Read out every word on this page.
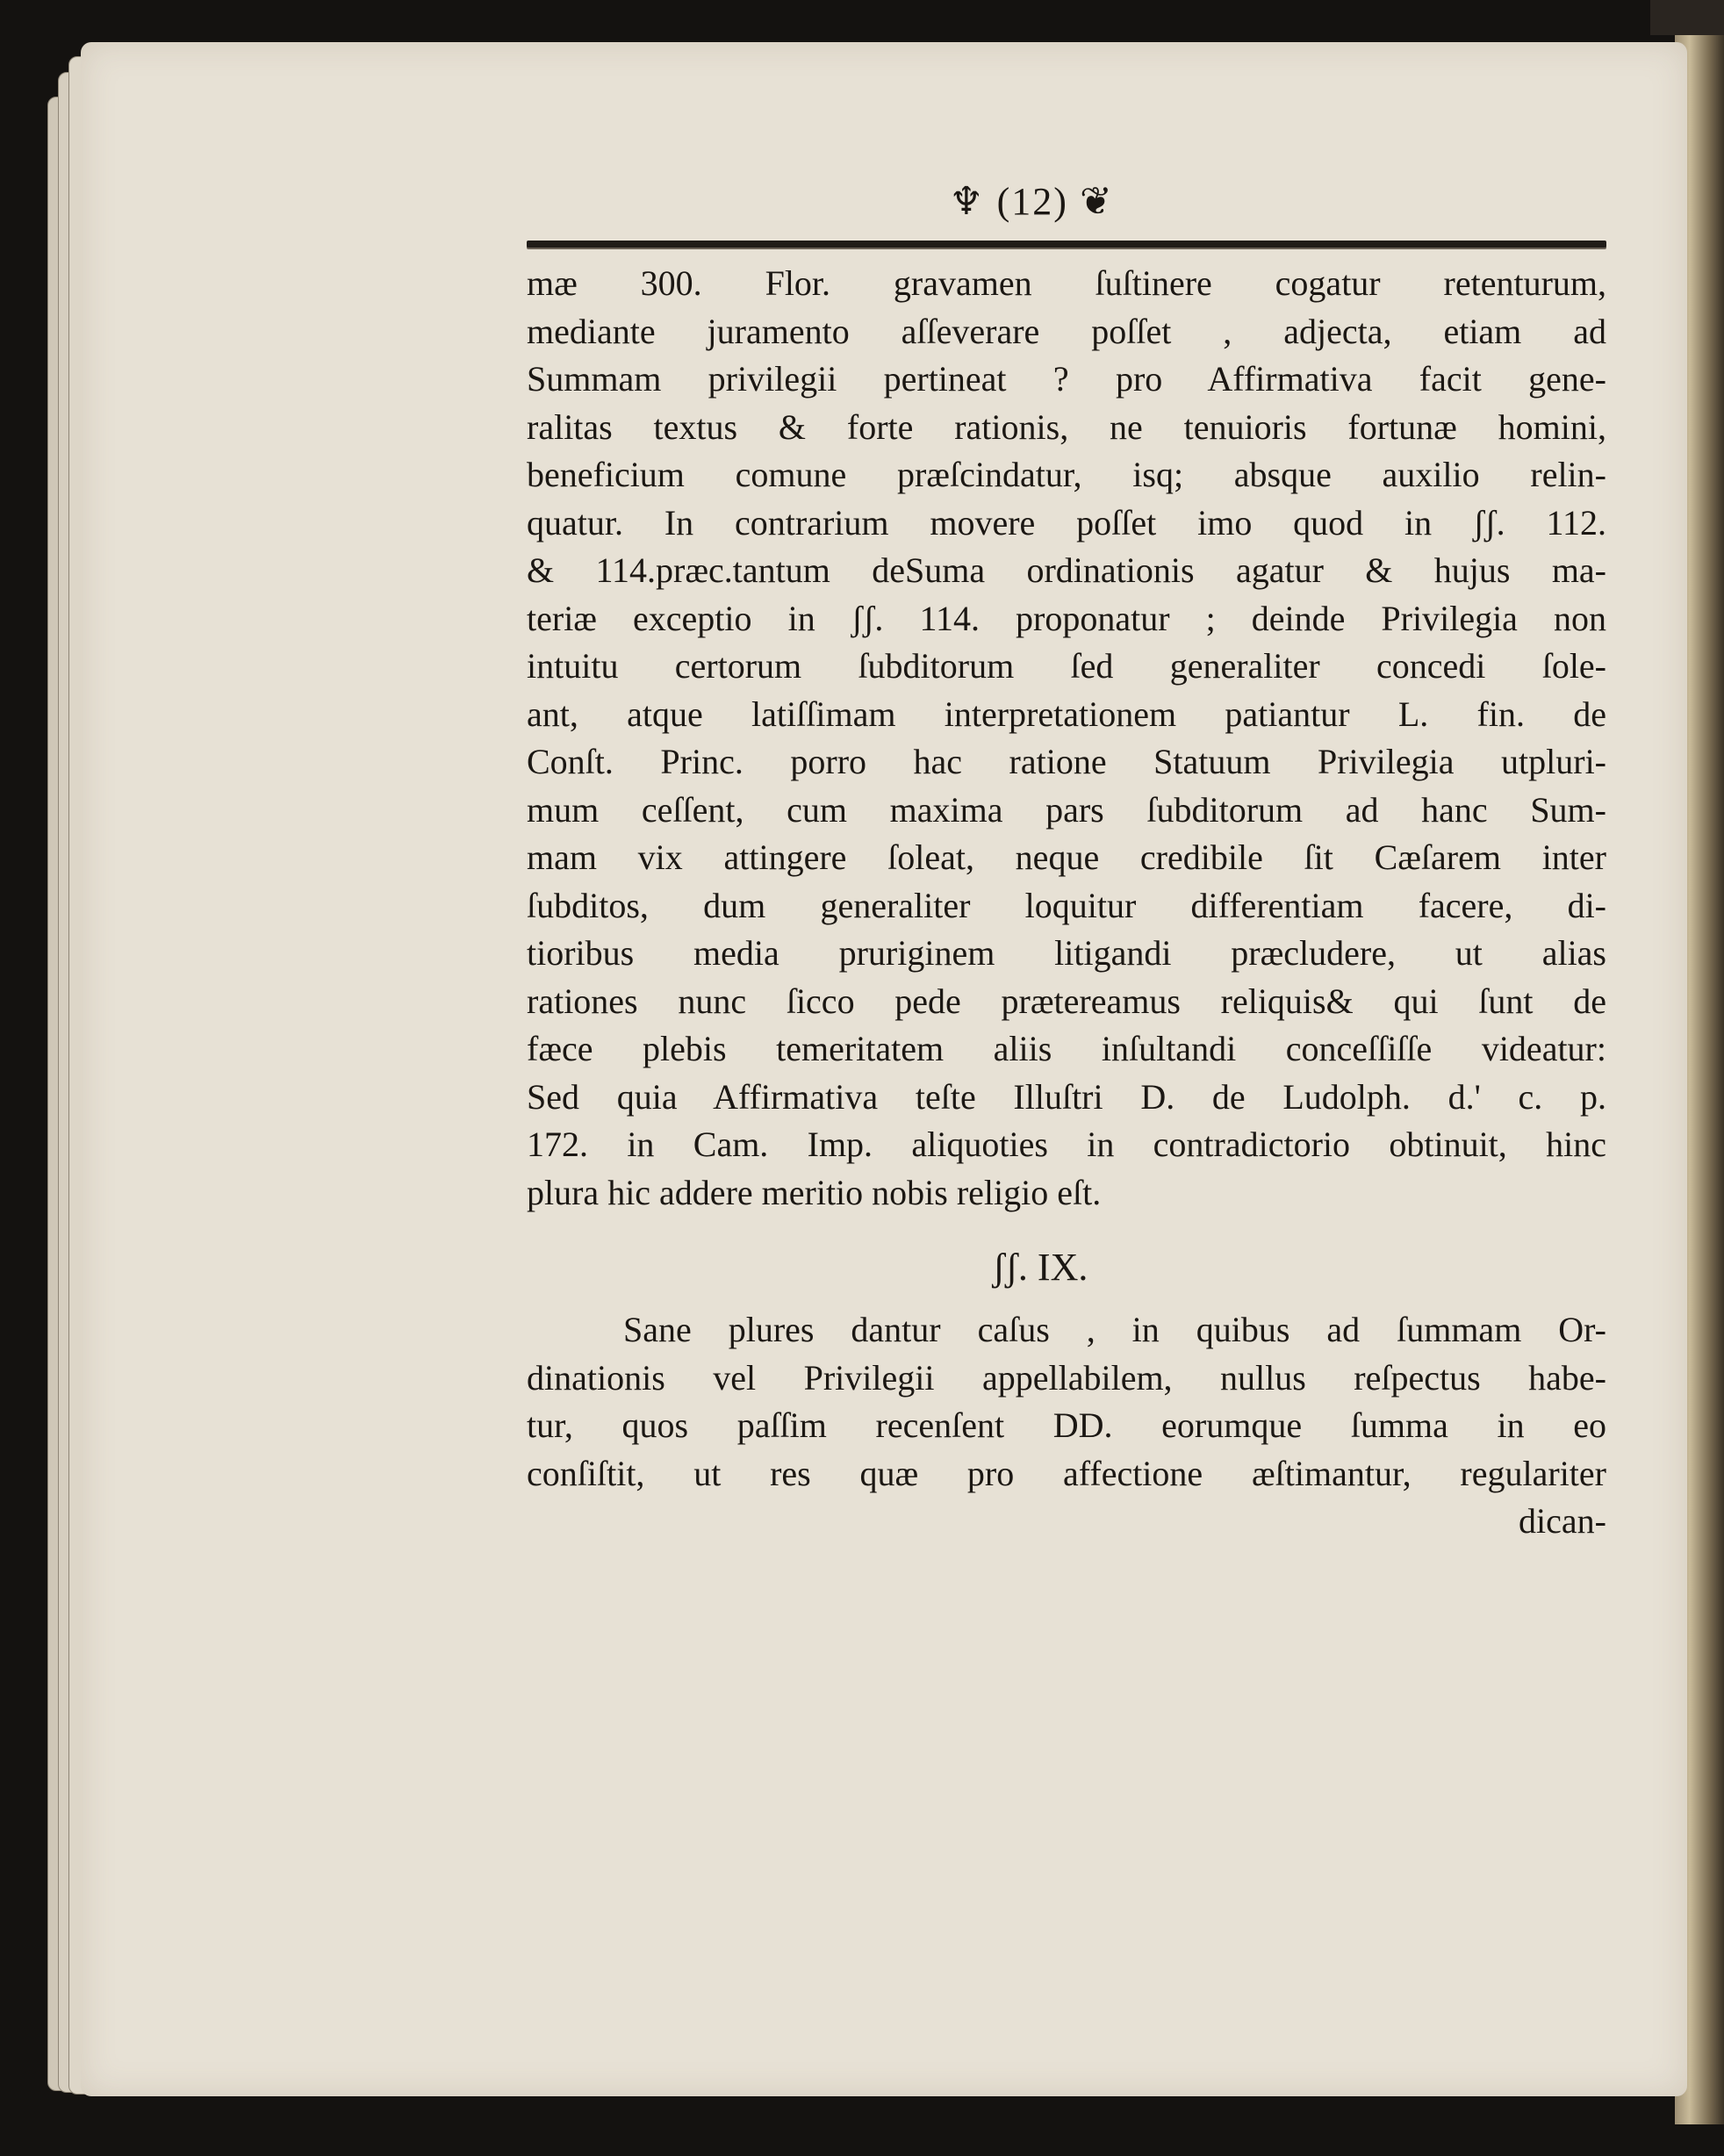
♆ (12) ❦
mæ 300. Flor. gravamen ſuſtinere cogatur retenturum,
mediante juramento aſſeverare poſſet , adjecta, etiam ad
Summam privilegii pertineat ? pro Affirmativa facit gene-
ralitas textus & forte rationis, ne tenuioris fortunæ homini,
beneficium comune præſcindatur, isq; absque auxilio relin-
quatur. In contrarium movere poſſet imo quod in ʃʃ. 112.
& 114.præc.tantum deSuma ordinationis agatur & hujus ma-
teriæ exceptio in ʃʃ. 114. proponatur ; deinde Privilegia non
intuitu certorum ſubditorum ſed generaliter concedi ſole-
ant, atque latiſſimam interpretationem patiantur L. fin. de
Conſt. Princ. porro hac ratione Statuum Privilegia utpluri-
mum ceſſent, cum maxima pars ſubditorum ad hanc Sum-
mam vix attingere ſoleat, neque credibile ſit Cæſarem inter
ſubditos, dum generaliter loquitur differentiam facere, di-
tioribus media pruriginem litigandi præcludere, ut alias
rationes nunc ſicco pede prætereamus reliquis& qui ſunt de
fæce plebis temeritatem aliis inſultandi conceſſiſſe videatur:
Sed quia Affirmativa teſte Illuſtri D. de Ludolph. d.' c. p.
172. in Cam. Imp. aliquoties in contradictorio obtinuit, hinc
plura hic addere meritio nobis religio eſt.
ʃʃ. IX.
Sane plures dantur caſus , in quibus ad ſummam Or-
dinationis vel Privilegii appellabilem, nullus reſpectus habe-
tur, quos paſſim recenſent DD. eorumque ſumma in eo
conſiſtit, ut res quæ pro affectione æſtimantur, regulariter
dican-
